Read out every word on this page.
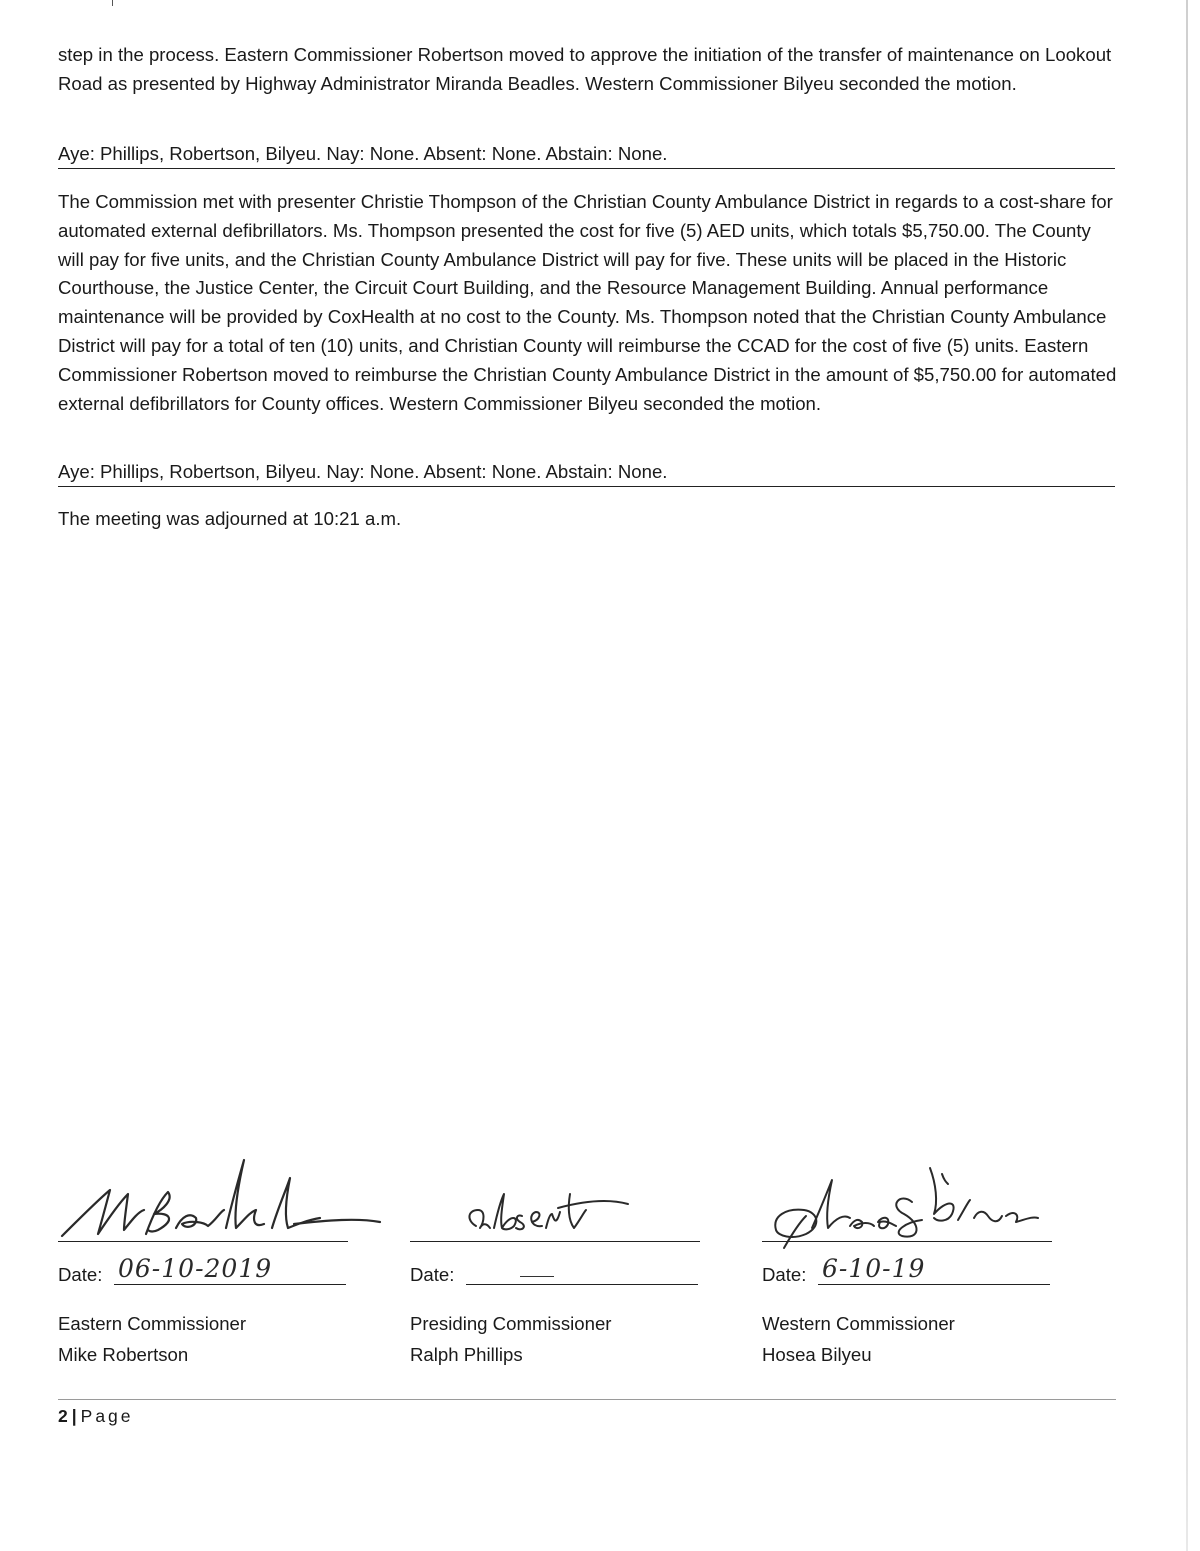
step in the process. Eastern Commissioner Robertson moved to approve the initiation of the transfer of maintenance on Lookout Road as presented by Highway Administrator Miranda Beadles. Western Commissioner Bilyeu seconded the motion.

Aye: Phillips, Robertson, Bilyeu. Nay: None. Absent: None. Abstain: None.

The Commission met with presenter Christie Thompson of the Christian County Ambulance District in regards to a cost-share for automated external defibrillators. Ms. Thompson presented the cost for five (5) AED units, which totals $5,750.00. The County will pay for five units, and the Christian County Ambulance District will pay for five. These units will be placed in the Historic Courthouse, the Justice Center, the Circuit Court Building, and the Resource Management Building. Annual performance maintenance will be provided by CoxHealth at no cost to the County. Ms. Thompson noted that the Christian County Ambulance District will pay for a total of ten (10) units, and Christian County will reimburse the CCAD for the cost of five (5) units. Eastern Commissioner Robertson moved to reimburse the Christian County Ambulance District in the amount of $5,750.00 for automated external defibrillators for County offices. Western Commissioner Bilyeu seconded the motion.

Aye: Phillips, Robertson, Bilyeu. Nay: None. Absent: None. Abstain: None.

The meeting was adjourned at 10:21 a.m.

Date: 06-10-2019
Eastern Commissioner
Mike Robertson
Date:
Presiding Commissioner
Ralph Phillips
Date: 6-10-19
Western Commissioner
Hosea Bilyeu
2 | Page
